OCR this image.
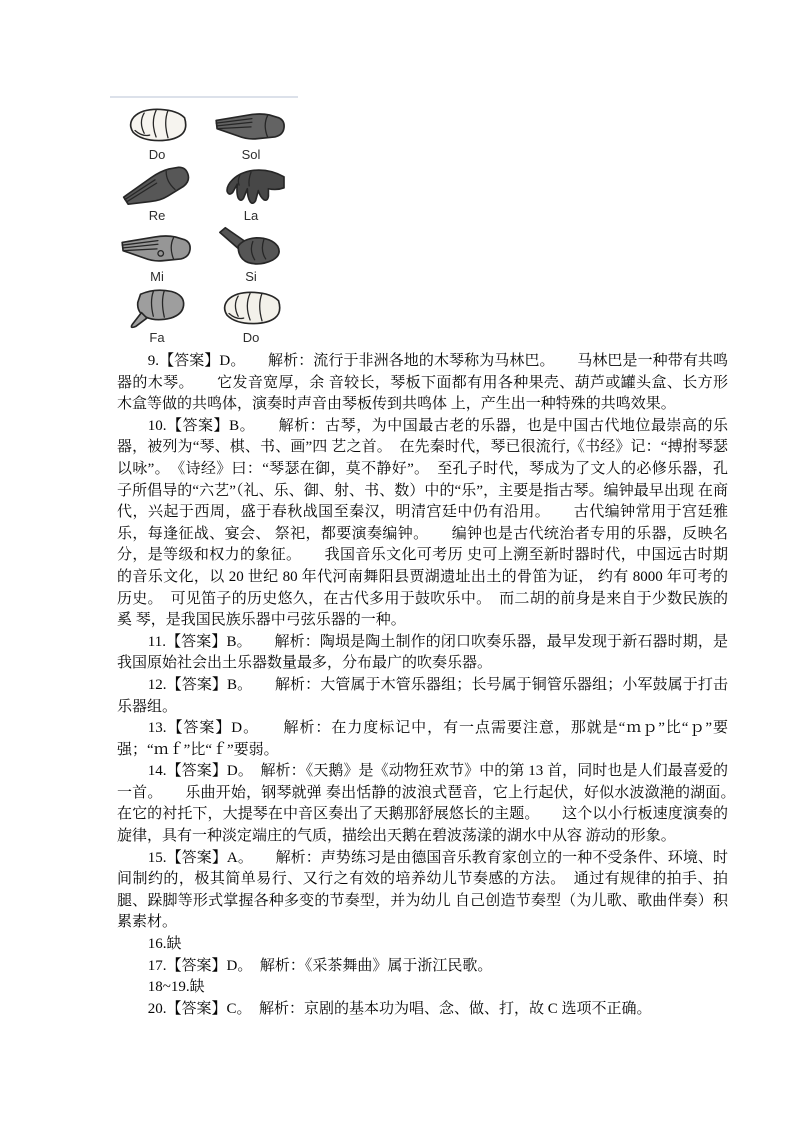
Do	Sol
Re	La
Mi	Si
Fa	Do

9.【答案】D。　　解析：流行于非洲各地的木琴称为马林巴。　　马林巴是一种带有共鸣器的木琴。　　它发音宽厚，余 音较长，琴板下面都有用各种果壳、葫芦或罐头盒、长方形木盒等做的共鸣体，演奏时声音由琴板传到共鸣体 上，产生出一种特殊的共鸣效果。

10.【答案】B。　　解析：古琴，为中国最古老的乐器，也是中国古代地位最崇高的乐器，被列为“琴、棋、书、画”四 艺之首。　在先秦时代，琴已很流行,《书经》记：“搏拊琴瑟以咏”。　《诗经》曰：“琴瑟在御，莫不静好”。　至孔子时代，琴成为了文人的必修乐器，孔子所倡导的“六艺”（礼、乐、御、射、书、数）中的“乐”，主要是指古琴。编钟最早出现 在商代，兴起于西周，盛于春秋战国至秦汉，明清宫廷中仍有沿用。　　古代编钟常用于宫廷雅乐，每逢征战、宴会、 祭祀，都要演奏编钟。　　编钟也是古代统治者专用的乐器，反映名分，是等级和权力的象征。　　我国音乐文化可考历 史可上溯至新时器时代，中国远古时期的音乐文化，以 20 世纪 80 年代河南舞阳县贾湖遗址出土的骨笛为证， 约有 8000 年可考的历史。　可见笛子的历史悠久，在古代多用于鼓吹乐中。　而二胡的前身是来自于少数民族的奚 琴，是我国民族乐器中弓弦乐器的一种。

11.【答案】B。　　解析：陶埙是陶土制作的闭口吹奏乐器，最早发现于新石器时期，是我国原始社会出土乐器数量最多，分布最广的吹奏乐器。

12.【答案】B。　　解析：大管属于木管乐器组；长号属于铜管乐器组；小军鼓属于打击乐器组。

13.【答案】D。　　解析：在力度标记中，有一点需要注意，那就是“ｍｐ”比“ｐ”要强；“ｍｆ”比“ｆ”要弱。

14.【答案】D。　解析：《天鹅》是《动物狂欢节》中的第 13 首，同时也是人们最喜爱的一首。　　乐曲开始，钢琴就弹 奏出恬静的波浪式琶音，它上行起伏，好似水波潋滟的湖面。　　在它的衬托下，大提琴在中音区奏出了天鹅那舒展悠长的主题。　　这个以小行板速度演奏的旋律，具有一种淡定端庄的气质，描绘出天鹅在碧波荡漾的湖水中从容 游动的形象。

15.【答案】A。　　解析：声势练习是由德国音乐教育家创立的一种不受条件、环境、时间制约的，极其简单易行、又行之有效的培养幼儿节奏感的方法。　通过有规律的拍手、拍腿、跺脚等形式掌握各种多变的节奏型，并为幼儿 自己创造节奏型（为儿歌、歌曲伴奏）积累素材。

16.缺

17.【答案】D。　解析：《采茶舞曲》属于浙江民歌。

18~19.缺

20.【答案】C。　解析：京剧的基本功为唱、念、做、打，故 C 选项不正确。
